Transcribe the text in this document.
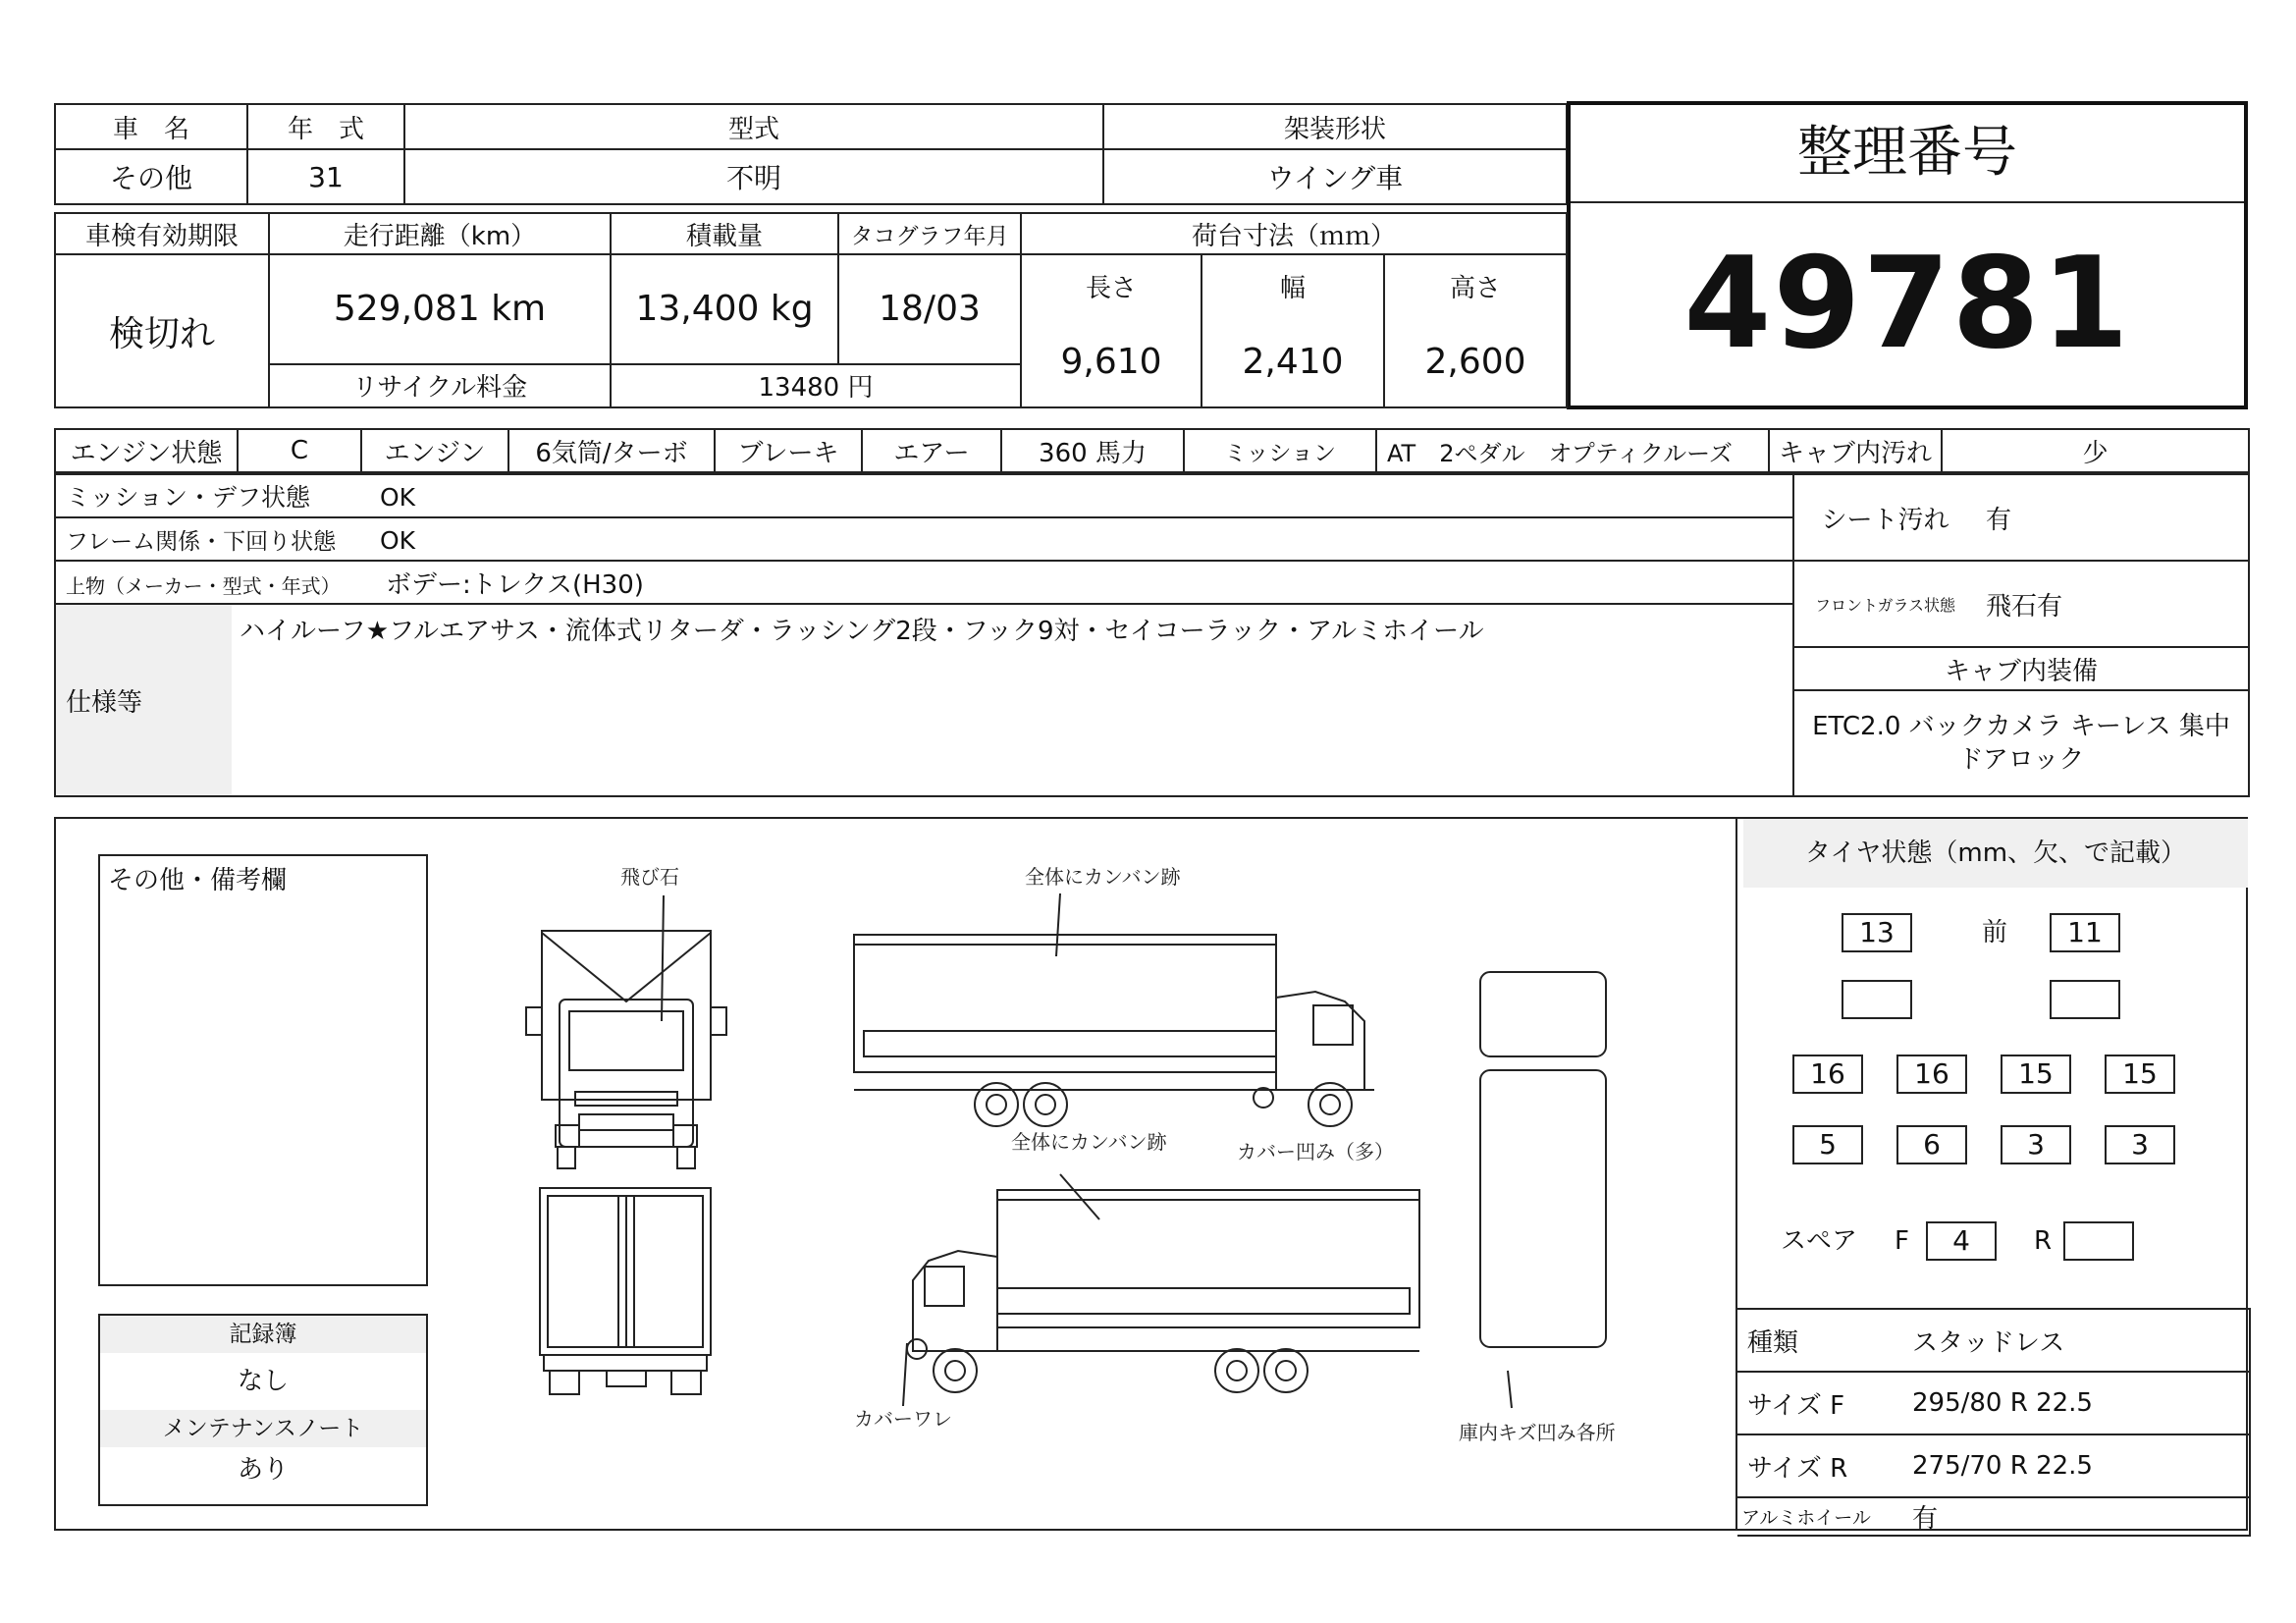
車　名	年　式	型式	架装形状
その他	31	不明	ウイング車	整理番号
49781
車検有効期限	走行距離（km）	積載量	タコグラフ年月	荷台寸法（ｍｍ）		
検切れ	529,081 km	13,400 kg	18/03	長さ	幅	高さ
				9,610	2,410	2,600
	リサイクル料金	13480 円				
エンジン状態	C	エンジン	6気筒/ターボ	ブレーキ	エアー	360 馬力	ミッション	AT　2ペダル　オプティクルーズ	キャブ内汚れ	少
ミッション・デフ状態	OK
フレーム関係・下回り状態 OK
上物（メーカー・型式・年式） ボデー:トレクス(H30)
仕様等	ハイルーフ★フルエアサス・流体式リターダ・ラッシング2段・フック9対・セイコーラック・アルミホイール
シート汚れ	有
フロントガラス状態	飛石有
キャブ内装備	
ETC2.0 バックカメラ キーレス 集中ドアロック	
その他・備考欄
記録簿
なし
メンテナンスノート
あり
飛び石	全体にカンバン跡
全体にカンバン跡	カバー凹み（多）
カバーワレ
庫内キズ凹み各所
タイヤ状態（mm、欠、で記載）
13	前	11
16	16	15	15
5	6	3	3
スペア F	4	R
種類	スタッドレス
サイズ F	295/80 R 22.5
サイズ R	275/70 R 22.5
アルミホイール	有
